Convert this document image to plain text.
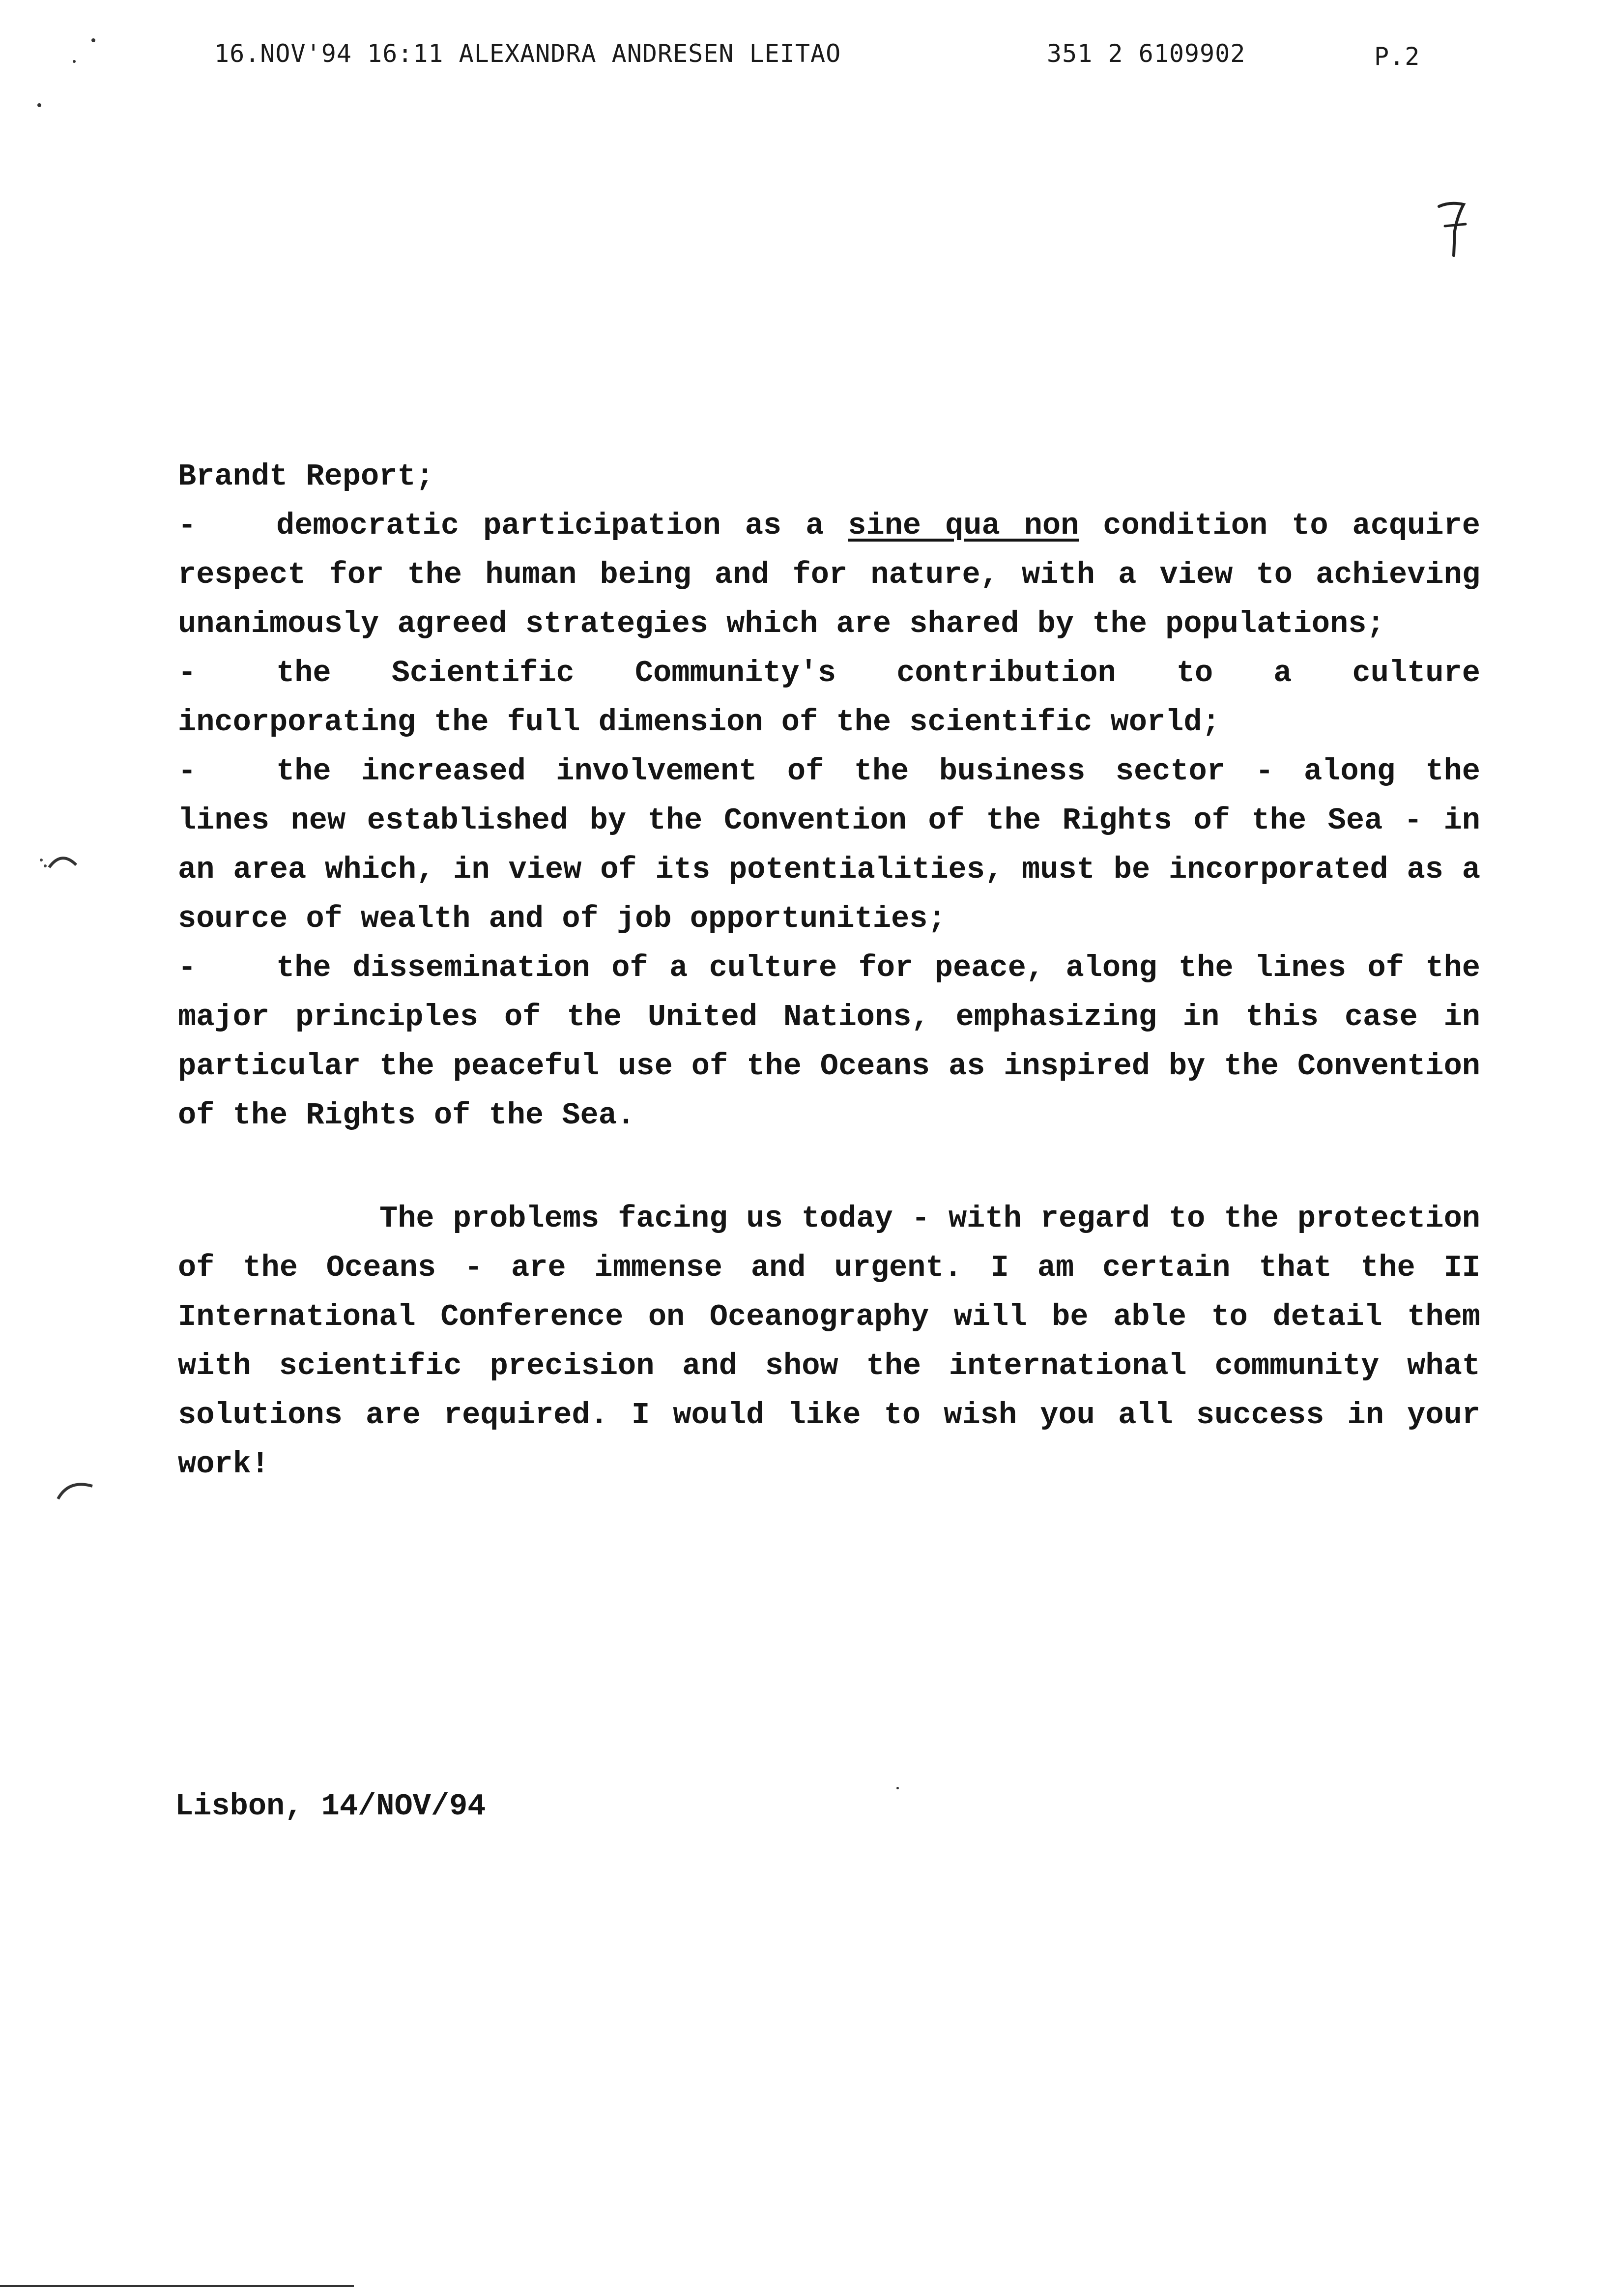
16.NOV'94 16:11 ALEXANDRA ANDRESEN LEITAO	351 2 6109902	P.2
7

Brandt Report;

-	democratic participation as a sine qua non condition to acquire respect for the human being and for nature, with a view to achieving unanimously agreed strategies which are shared by the populations;

-	the Scientific Community's contribution to a culture incorporating the full dimension of the scientific world;

-	the increased involvement of the business sector - along the lines new established by the Convention of the Rights of the Sea - in an area which, in view of its potentialities, must be incorporated as a source of wealth and of job opportunities;

-	the dissemination of a culture for peace, along the lines of the major principles of the United Nations, emphasizing in this case in particular the peaceful use of the Oceans as inspired by the Convention of the Rights of the Sea.

The problems facing us today - with regard to the protection of the Oceans - are immense and urgent. I am certain that the II International Conference on Oceanography will be able to detail them with scientific precision and show the international community what solutions are required. I would like to wish you all success in your work!

Lisbon, 14/NOV/94
